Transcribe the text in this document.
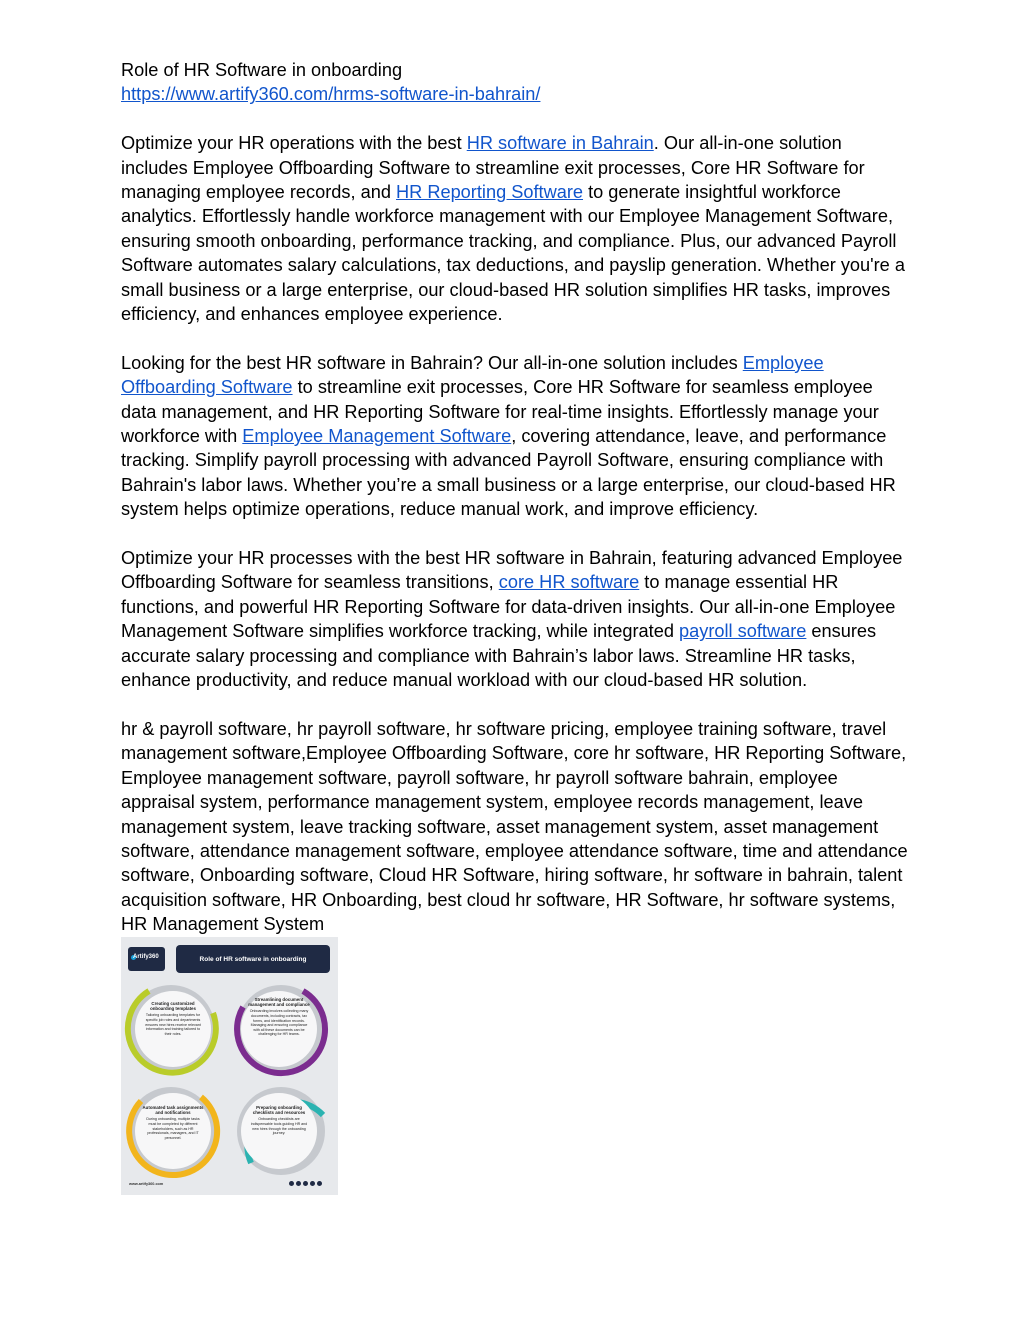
Role of HR Software in onboarding
https://www.artify360.com/hrms-software-in-bahrain/

Optimize your HR operations with the best HR software in Bahrain. Our all-in-one solution includes Employee Offboarding Software to streamline exit processes, Core HR Software for managing employee records, and HR Reporting Software to generate insightful workforce analytics. Effortlessly handle workforce management with our Employee Management Software, ensuring smooth onboarding, performance tracking, and compliance. Plus, our advanced Payroll Software automates salary calculations, tax deductions, and payslip generation. Whether you're a small business or a large enterprise, our cloud-based HR solution simplifies HR tasks, improves efficiency, and enhances employee experience.

Looking for the best HR software in Bahrain? Our all-in-one solution includes Employee Offboarding Software to streamline exit processes, Core HR Software for seamless employee data management, and HR Reporting Software for real-time insights. Effortlessly manage your workforce with Employee Management Software, covering attendance, leave, and performance tracking. Simplify payroll processing with advanced Payroll Software, ensuring compliance with Bahrain's labor laws. Whether you’re a small business or a large enterprise, our cloud-based HR system helps optimize operations, reduce manual work, and improve efficiency.

Optimize your HR processes with the best HR software in Bahrain, featuring advanced Employee Offboarding Software for seamless transitions, core HR software to manage essential HR functions, and powerful HR Reporting Software for data-driven insights. Our all-in-one Employee Management Software simplifies workforce tracking, while integrated payroll software ensures accurate salary processing and compliance with Bahrain’s labor laws. Streamline HR tasks, enhance productivity, and reduce manual workload with our cloud-based HR solution.

hr & payroll software, hr payroll software, hr software pricing, employee training software, travel management software,Employee Offboarding Software, core hr software, HR Reporting Software, Employee management software, payroll software, hr payroll software bahrain, employee appraisal system, performance management system, employee records management, leave management system, leave tracking software, asset management system, asset management software, attendance management software, employee attendance software, time and attendance software, Onboarding software, Cloud HR Software, hiring software, hr software in bahrain, talent acquisition software, HR Onboarding, best cloud hr software, HR Software, hr software systems, HR Management System

Artify360	Role of HR software in onboarding
Creating customized onboarding templates
Tailoring onboarding templates for specific job roles and departments ensures new hires receive relevant information and training tailored to their roles.
Streamlining document management and compliance
Onboarding involves collecting many documents, including contracts, tax forms, and identification records. Managing and ensuring compliance with all these documents can be challenging for HR teams.
Automated task assignments and notifications
During onboarding, multiple tasks must be completed by different stakeholders, such as HR professionals, managers, and IT personnel.
Preparing onboarding checklists and resources
Onboarding checklists are indispensable tools guiding HR and new hires through the onboarding journey.
www.artify360.com
